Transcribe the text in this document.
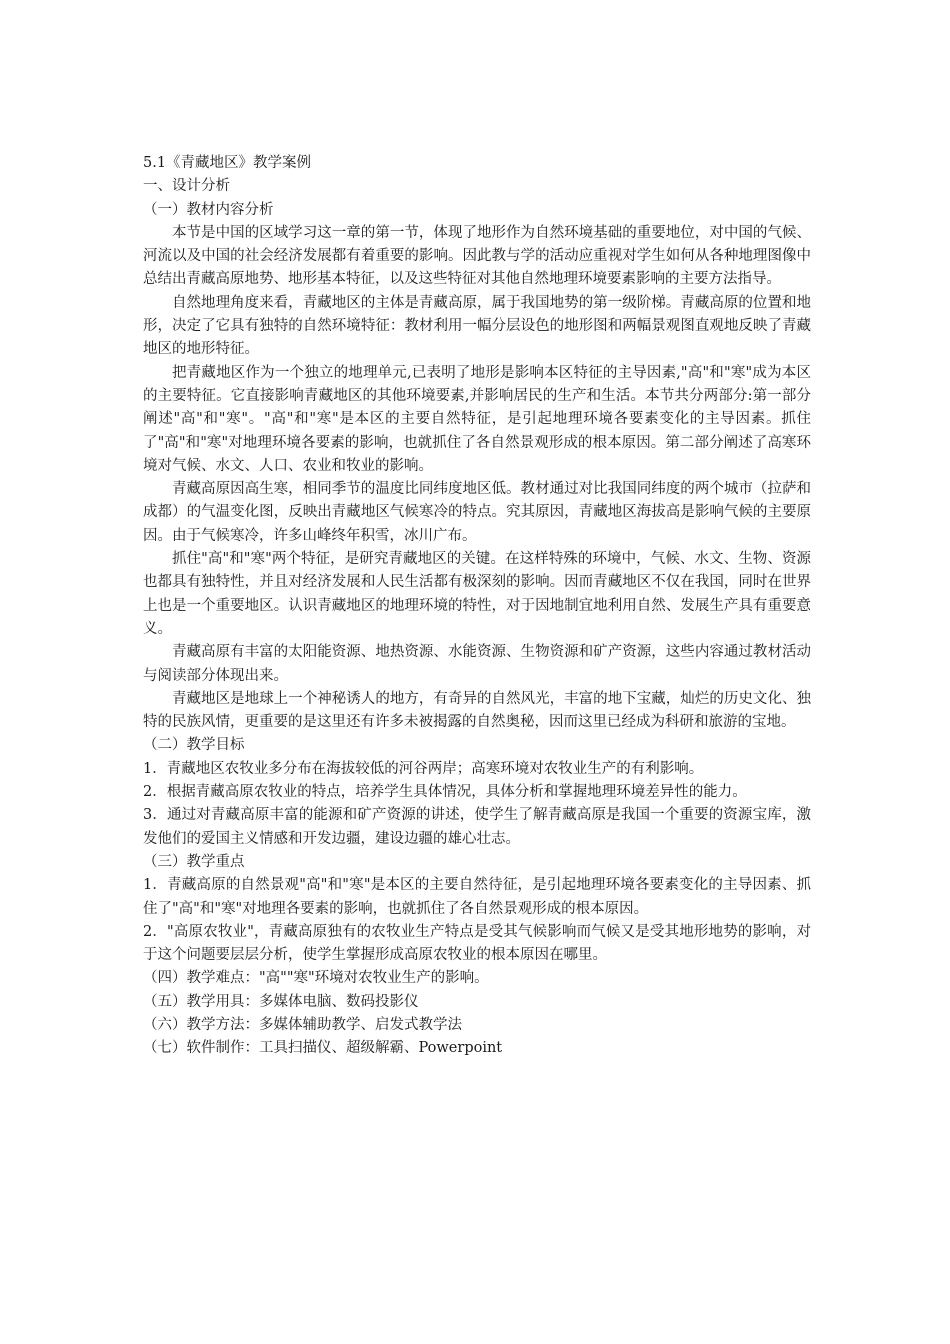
5.1《青藏地区》教学案例

一、设计分析

（一）教材内容分析

本节是中国的区域学习这一章的第一节，体现了地形作为自然环境基础的重要地位，对中国的气候、河流以及中国的社会经济发展都有着重要的影响。因此教与学的活动应重视对学生如何从各种地理图像中总结出青藏高原地势、地形基本特征，以及这些特征对其他自然地理环境要素影响的主要方法指导。

自然地理角度来看，青藏地区的主体是青藏高原，属于我国地势的第一级阶梯。青藏高原的位置和地形，决定了它具有独特的自然环境特征：教材利用一幅分层设色的地形图和两幅景观图直观地反映了青藏地区的地形特征。

把青藏地区作为一个独立的地理单元,已表明了地形是影响本区特征的主导因素,"高"和"寒"成为本区的主要特征。它直接影响青藏地区的其他环境要素,并影响居民的生产和生活。本节共分两部分:第一部分阐述"高"和"寒"。"高"和"寒"是本区的主要自然特征，是引起地理环境各要素变化的主导因素。抓住了"高"和"寒"对地理环境各要素的影响，也就抓住了各自然景观形成的根本原因。第二部分阐述了高寒环境对气候、水文、人口、农业和牧业的影响。

青藏高原因高生寒，相同季节的温度比同纬度地区低。教材通过对比我国同纬度的两个城市（拉萨和成都）的气温变化图，反映出青藏地区气候寒冷的特点。究其原因，青藏地区海拔高是影响气候的主要原因。由于气候寒冷，许多山峰终年积雪，冰川广布。

抓住"高"和"寒"两个特征，是研究青藏地区的关键。在这样特殊的环境中，气候、水文、生物、资源也都具有独特性，并且对经济发展和人民生活都有极深刻的影响。因而青藏地区不仅在我国，同时在世界上也是一个重要地区。认识青藏地区的地理环境的特性，对于因地制宜地利用自然、发展生产具有重要意义。

青藏高原有丰富的太阳能资源、地热资源、水能资源、生物资源和矿产资源，这些内容通过教材活动与阅读部分体现出来。

青藏地区是地球上一个神秘诱人的地方，有奇异的自然风光，丰富的地下宝藏，灿烂的历史文化、独特的民族风情，更重要的是这里还有许多未被揭露的自然奥秘，因而这里已经成为科研和旅游的宝地。

（二）教学目标

1．青藏地区农牧业多分布在海拔较低的河谷两岸；高寒环境对农牧业生产的有利影响。

2．根据青藏高原农牧业的特点，培养学生具体情况，具体分析和掌握地理环境差异性的能力。

3．通过对青藏高原丰富的能源和矿产资源的讲述，使学生了解青藏高原是我国一个重要的资源宝库，激发他们的爱国主义情感和开发边疆，建设边疆的雄心壮志。

（三）教学重点

1．青藏高原的自然景观"高"和"寒"是本区的主要自然待征，是引起地理环境各要素变化的主导因素、抓住了"高"和"寒"对地理各要素的影响，也就抓住了各自然景观形成的根本原因。

2．"高原农牧业"，青藏高原独有的农牧业生产特点是受其气候影响而气候又是受其地形地势的影响，对于这个问题要层层分析，使学生掌握形成高原农牧业的根本原因在哪里。

（四）教学难点："高""寒"环境对农牧业生产的影响。

（五）教学用具：多媒体电脑、数码投影仪

（六）教学方法：多媒体辅助教学、启发式教学法

（七）软件制作：工具扫描仪、超级解霸、Powerpoint
